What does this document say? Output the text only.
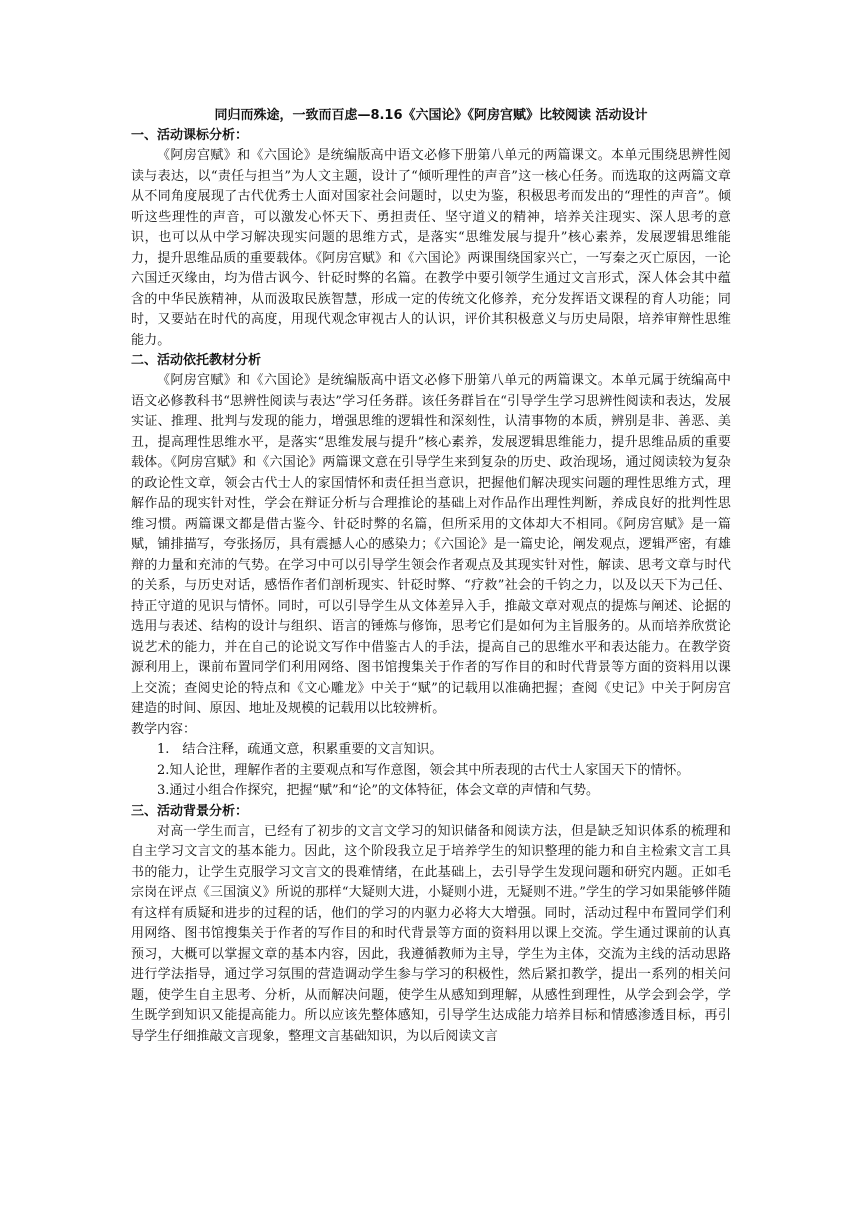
同归而殊途，一致而百虑—8.16《六国论》《阿房宫赋》比较阅读 活动设计

一、活动课标分析：

《阿房宫赋》和《六国论》是统编版高中语文必修下册第八单元的两篇课文。本单元围绕思辨性阅读与表达，以“责任与担当”为人文主题，设计了“倾听理性的声音”这一核心任务。而选取的这两篇文章从不同角度展现了古代优秀士人面对国家社会问题时，以史为鉴，积极思考而发出的“理性的声音”。倾听这些理性的声音，可以激发心怀天下、勇担责任、坚守道义的精神，培养关注现实、深人思考的意识，也可以从中学习解决现实问题的思维方式，是落实“思维发展与提升”核心素养，发展逻辑思维能力，提升思维品质的重要载体。《阿房宫赋》和《六国论》两课围绕国家兴亡，一写秦之灭亡原因，一论六国迁灭缘由，均为借古讽今、针砭时弊的名篇。在教学中要引领学生通过文言形式，深人体会其中蕴含的中华民族精神，从而汲取民族智慧，形成一定的传统文化修养，充分发挥语文课程的育人功能；同时，又要站在时代的高度，用现代观念审视古人的认识，评价其积极意义与历史局限，培养审辩性思维能力。

二、活动依托教材分析

《阿房宫赋》和《六国论》是统编版高中语文必修下册第八单元的两篇课文。本单元属于统编高中语文必修教科书“思辨性阅读与表达”学习任务群。该任务群旨在“引导学生学习思辨性阅读和表达，发展实证、推理、批判与发现的能力，增强思维的逻辑性和深刻性，认清事物的本质，辨别是非、善恶、美丑，提高理性思维水平，是落实“思维发展与提升”核心素养，发展逻辑思维能力，提升思维品质的重要载体。《阿房宫赋》和《六国论》两篇课文意在引导学生来到复杂的历史、政治现场，通过阅读较为复杂的政论性文章，领会古代士人的家国情怀和责任担当意识，把握他们解决现实问题的理性思维方式，理解作品的现实针对性，学会在辩证分析与合理推论的基础上对作品作出理性判断，养成良好的批判性思维习惯。两篇课文都是借古鉴今、针砭时弊的名篇，但所采用的文体却大不相同。《阿房宫赋》是一篇赋，铺排描写，夸张扬厉，具有震撼人心的感染力；《六国论》是一篇史论，阐发观点，逻辑严密，有雄辩的力量和充沛的气势。在学习中可以引导学生领会作者观点及其现实针对性，解读、思考文章与时代的关系，与历史对话，感悟作者们剖析现实、针砭时弊、“疗救”社会的千钧之力，以及以天下为己任、持正守道的见识与情怀。同时，可以引导学生从文体差异入手，推敲文章对观点的提炼与阐述、论据的选用与表述、结构的设计与组织、语言的锤炼与修饰，思考它们是如何为主旨服务的。从而培养欣赏论说艺术的能力，并在自己的论说文写作中借鉴古人的手法，提高自己的思维水平和表达能力。在教学资源利用上，课前布置同学们利用网络、图书馆搜集关于作者的写作目的和时代背景等方面的资料用以课上交流；查阅史论的特点和《文心雕龙》中关于“赋”的记载用以准确把握；查阅《史记》中关于阿房宫建造的时间、原因、地址及规模的记载用以比较辨析。

教学内容：

1.　结合注释，疏通文意，积累重要的文言知识。

2.知人论世，理解作者的主要观点和写作意图，领会其中所表现的古代士人家国天下的情怀。

3.通过小组合作探究，把握“赋”和“论”的文体特征，体会文章的声情和气势。

三、活动背景分析：

对高一学生而言，已经有了初步的文言文学习的知识储备和阅读方法，但是缺乏知识体系的梳理和自主学习文言文的基本能力。因此，这个阶段我立足于培养学生的知识整理的能力和自主检索文言工具书的能力，让学生克服学习文言文的畏难情绪，在此基础上，去引导学生发现问题和研究内题。正如毛宗岗在评点《三国演义》所说的那样“大疑则大进，小疑则小进，无疑则不进。”学生的学习如果能够伴随有这样有质疑和进步的过程的话，他们的学习的内驱力必将大大增强。同时，活动过程中布置同学们利用网络、图书馆搜集关于作者的写作目的和时代背景等方面的资料用以课上交流。学生通过课前的认真预习，大概可以掌握文章的基本内容，因此，我遵循教师为主导，学生为主体，交流为主线的活动思路进行学法指导，通过学习氛围的营造调动学生参与学习的积极性，然后紧扣教学，提出一系列的相关问题，使学生自主思考、分析，从而解决问题，使学生从感知到理解，从感性到理性，从学会到会学，学生既学到知识又能提高能力。所以应该先整体感知，引导学生达成能力培养目标和情感渗透目标，再引导学生仔细推敲文言现象，整理文言基础知识，为以后阅读文言
